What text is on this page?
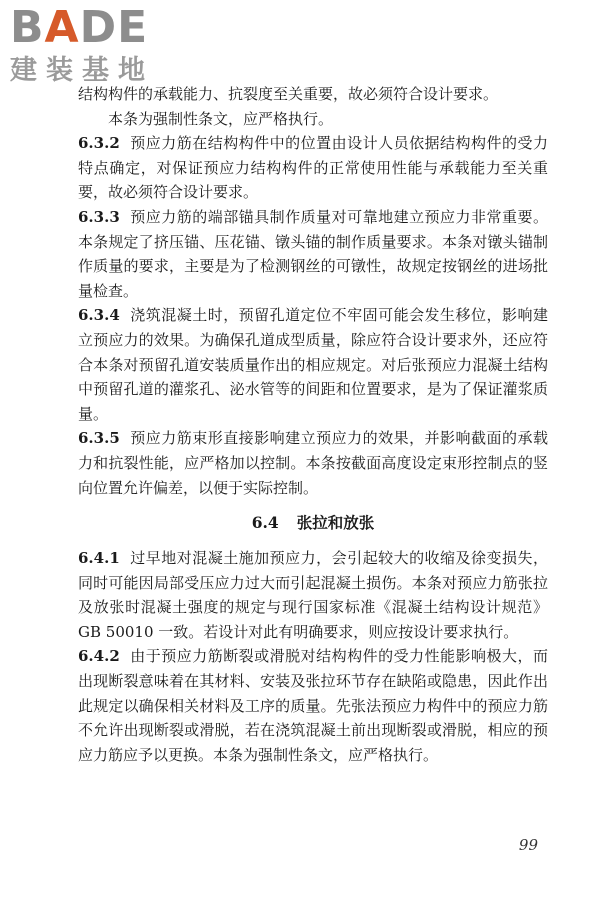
BADE
建装基地

结构构件的承载能力、抗裂度至关重要，故必须符合设计要求。

本条为强制性条文，应严格执行。

6.3.2 预应力筋在结构构件中的位置由设计人员依据结构构件的受力特点确定，对保证预应力结构构件的正常使用性能与承载能力至关重要，故必须符合设计要求。

6.3.3 预应力筋的端部锚具制作质量对可靠地建立预应力非常重要。本条规定了挤压锚、压花锚、镦头锚的制作质量要求。本条对镦头锚制作质量的要求，主要是为了检测钢丝的可镦性，故规定按钢丝的进场批量检查。

6.3.4 浇筑混凝土时，预留孔道定位不牢固可能会发生移位，影响建立预应力的效果。为确保孔道成型质量，除应符合设计要求外，还应符合本条对预留孔道安装质量作出的相应规定。对后张预应力混凝土结构中预留孔道的灌浆孔、泌水管等的间距和位置要求，是为了保证灌浆质量。

6.3.5 预应力筋束形直接影响建立预应力的效果，并影响截面的承载力和抗裂性能，应严格加以控制。本条按截面高度设定束形控制点的竖向位置允许偏差，以便于实际控制。

6.4 张拉和放张

6.4.1 过早地对混凝土施加预应力，会引起较大的收缩及徐变损失，同时可能因局部受压应力过大而引起混凝土损伤。本条对预应力筋张拉及放张时混凝土强度的规定与现行国家标准《混凝土结构设计规范》GB 50010 一致。若设计对此有明确要求，则应按设计要求执行。

6.4.2 由于预应力筋断裂或滑脱对结构构件的受力性能影响极大，而出现断裂意味着在其材料、安装及张拉环节存在缺陷或隐患，因此作出此规定以确保相关材料及工序的质量。先张法预应力构件中的预应力筋不允许出现断裂或滑脱，若在浇筑混凝土前出现断裂或滑脱，相应的预应力筋应予以更换。本条为强制性条文，应严格执行。

99
